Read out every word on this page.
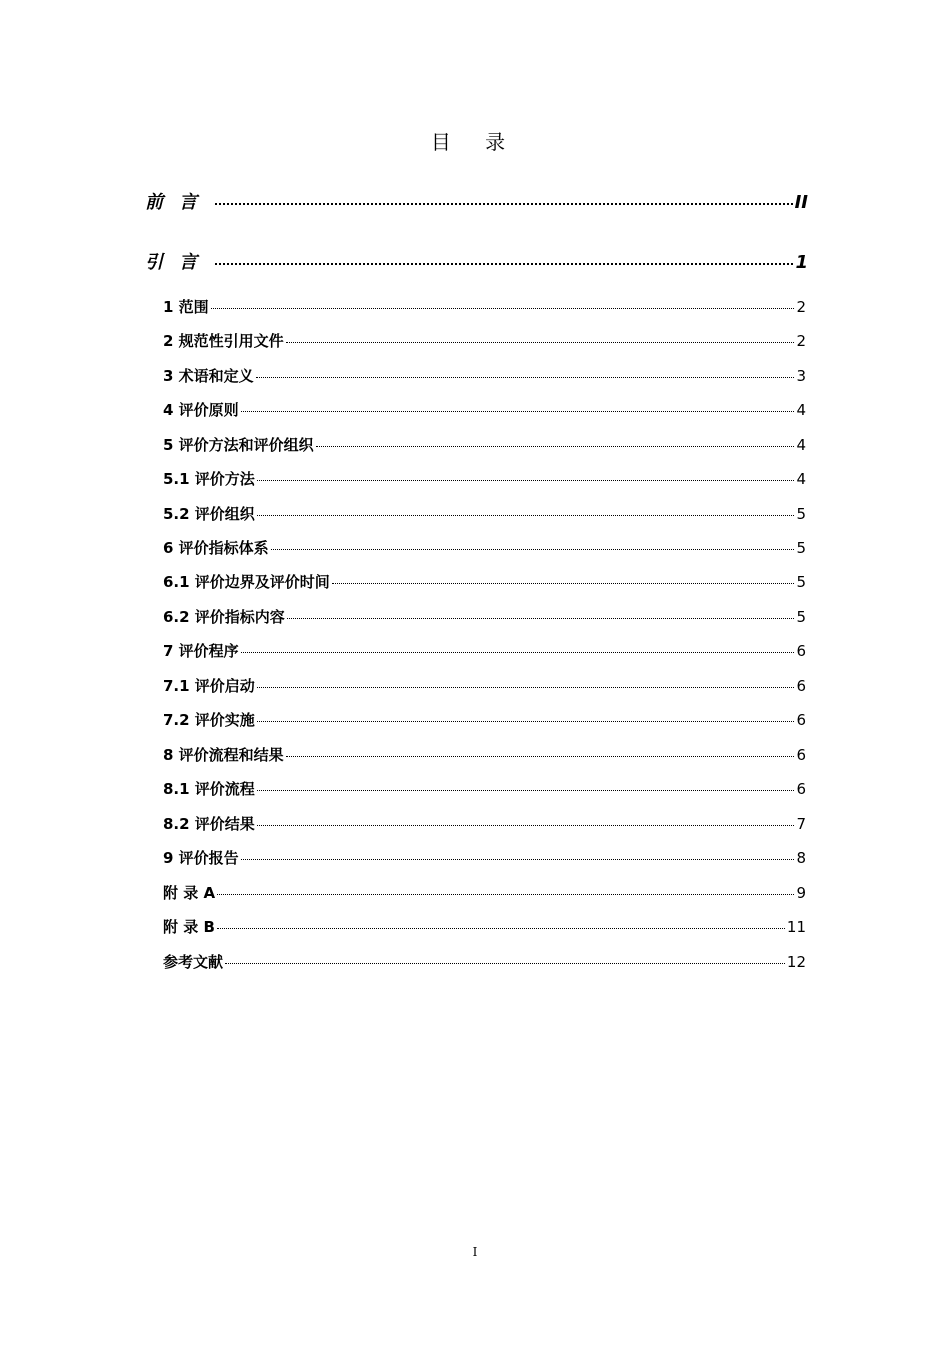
目 录
前言	II
引言	1
1 范围	2
2 规范性引用文件	2
3 术语和定义	3
4 评价原则	4
5 评价方法和评价组织	4
5.1 评价方法	4
5.2 评价组织	5
6 评价指标体系	5
6.1 评价边界及评价时间	5
6.2 评价指标内容	5
7 评价程序	6
7.1 评价启动	6
7.2 评价实施	6
8 评价流程和结果	6
8.1 评价流程	6
8.2 评价结果	7
9 评价报告	8
附 录 A	9
附 录 B	11
参考文献	12
I
